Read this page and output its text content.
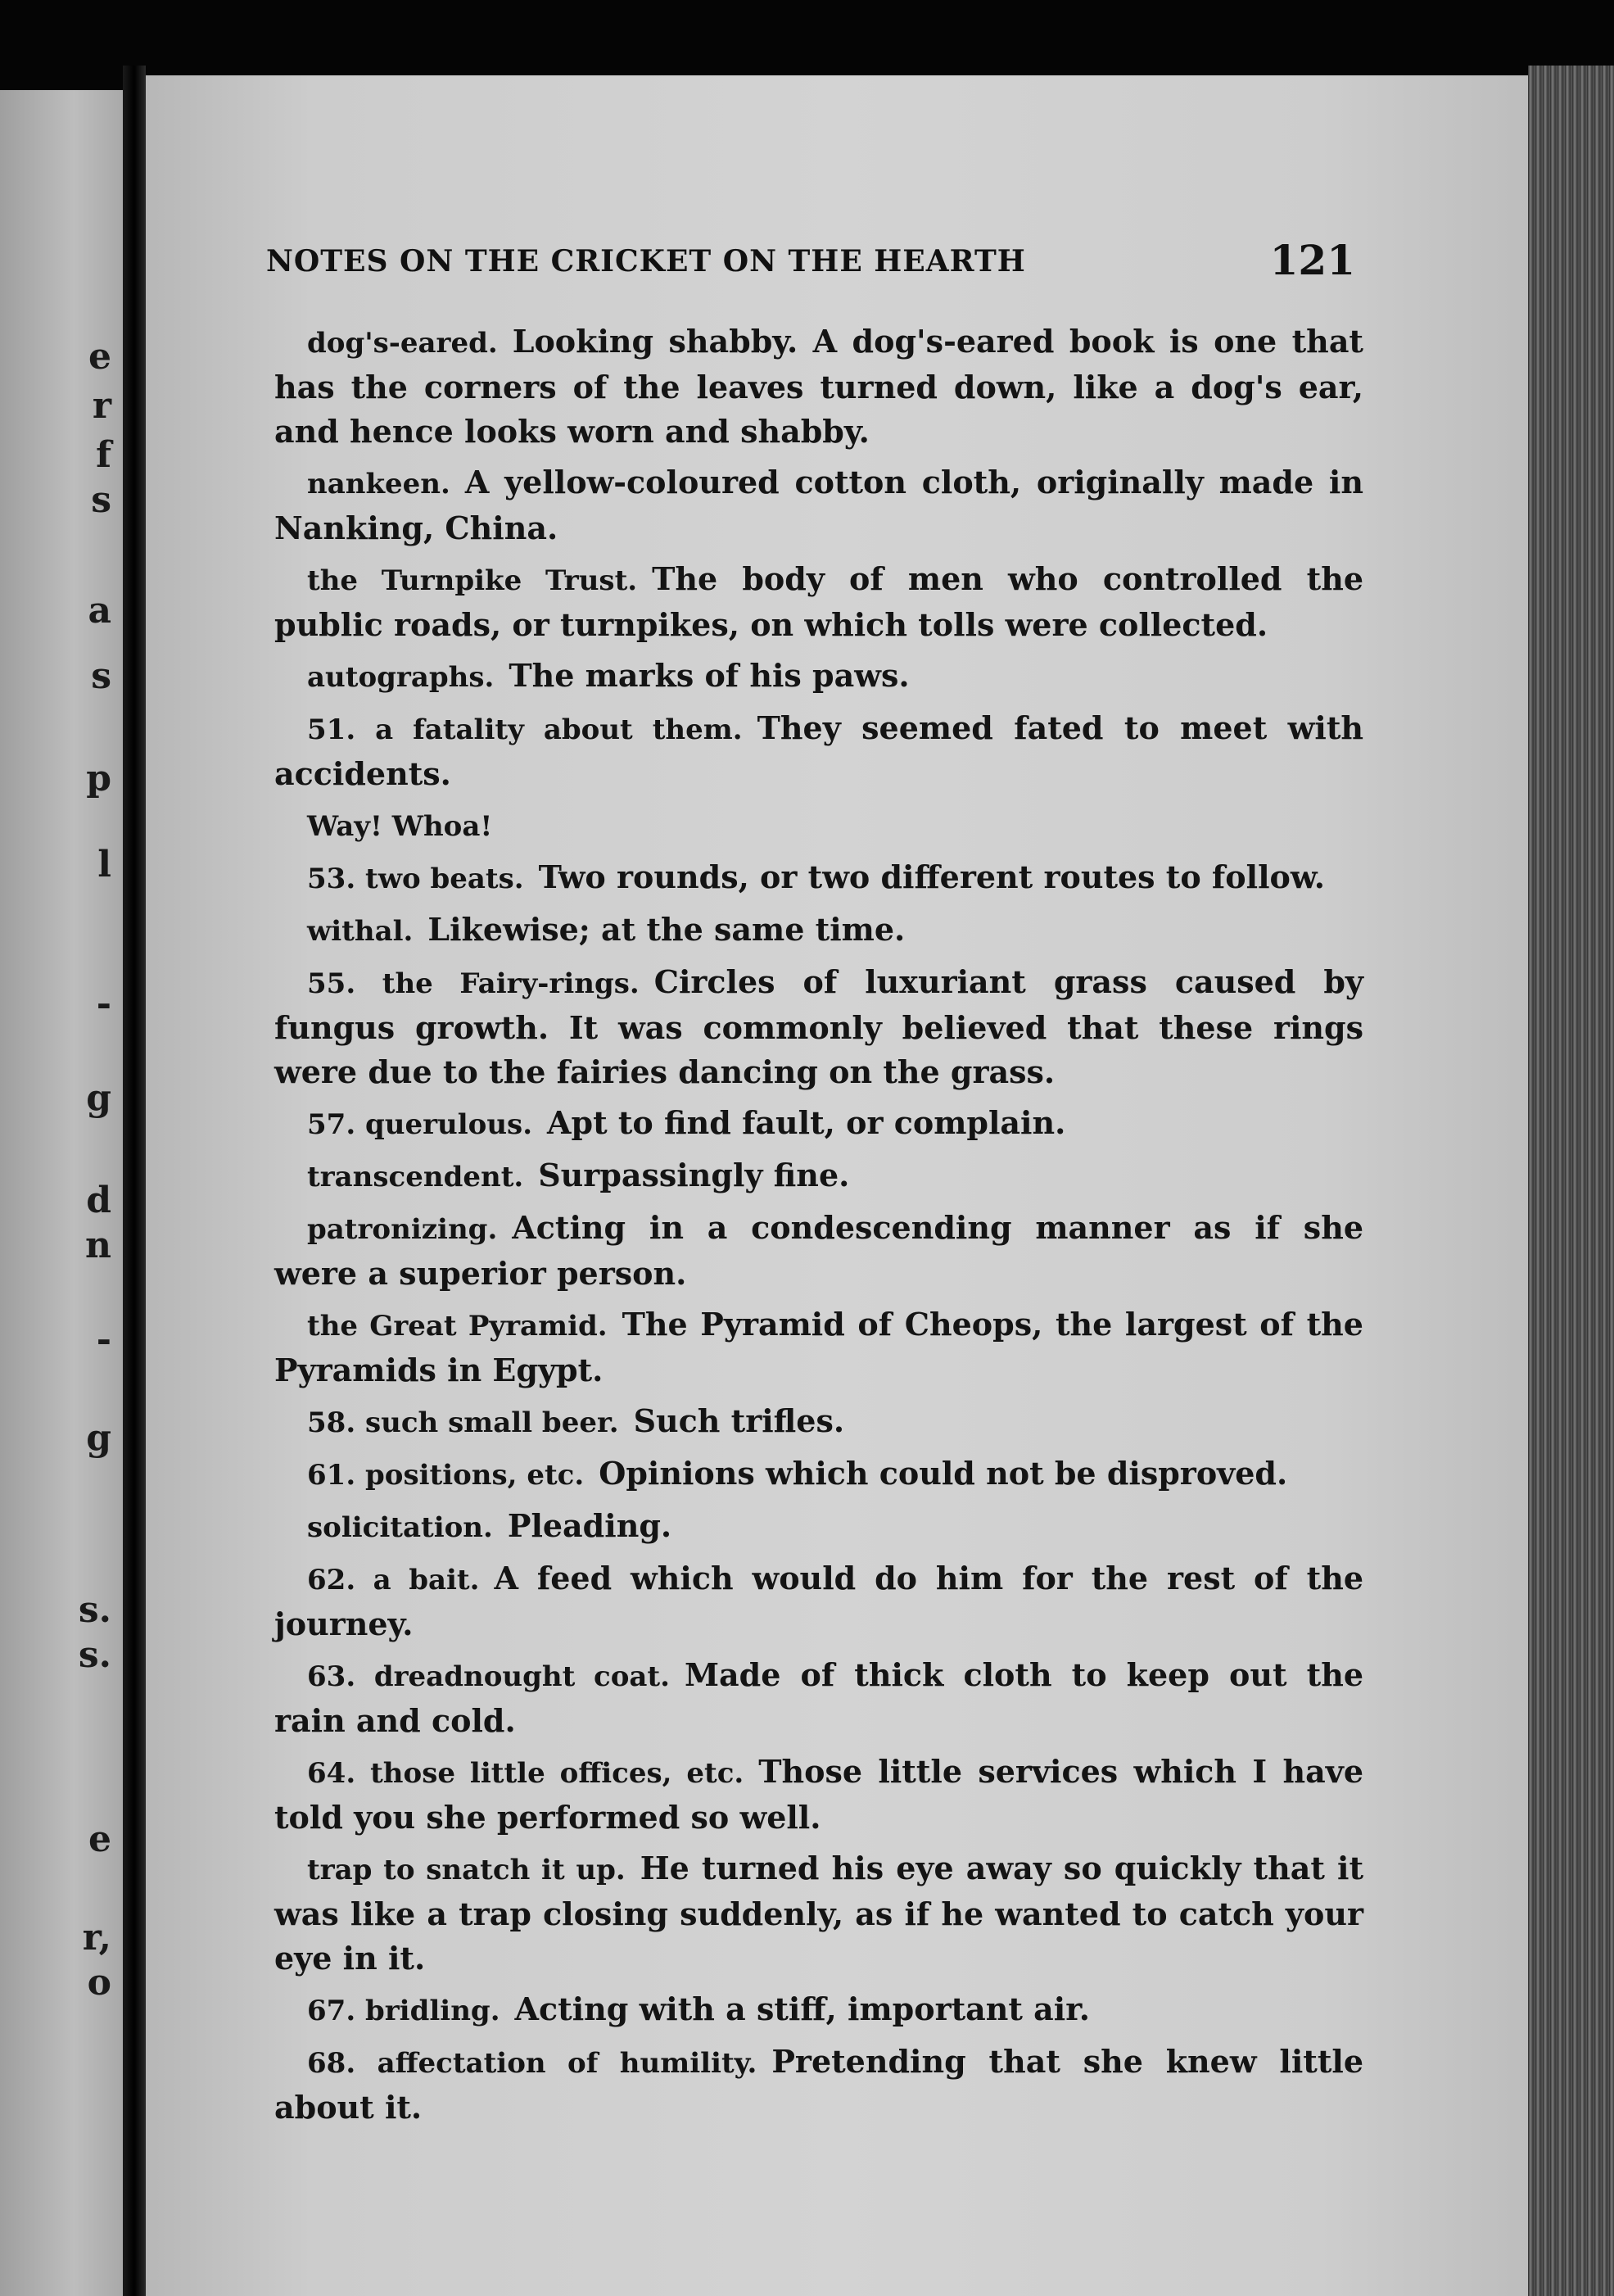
e
r
f
s
a
s
p
l
-
g
d
n
-
g
s.
s.
e
r,
o
NOTES ON THE CRICKET ON THE HEARTH	121

dog's-eared. Looking shabby. A dog's-eared book is one that has the corners of the leaves turned down, like a dog's ear, and hence looks worn and shabby.

nankeen. A yellow-coloured cotton cloth, originally made in Nanking, China.

the Turnpike Trust. The body of men who controlled the public roads, or turnpikes, on which tolls were collected.

autographs. The marks of his paws.

51. a fatality about them. They seemed fated to meet with accidents.

Way! Whoa!

53. two beats. Two rounds, or two different routes to follow.

withal. Likewise; at the same time.

55. the Fairy-rings. Circles of luxuriant grass caused by fungus growth. It was commonly believed that these rings were due to the fairies dancing on the grass.

57. querulous. Apt to find fault, or complain.

transcendent. Surpassingly fine.

patronizing. Acting in a condescending manner as if she were a superior person.

the Great Pyramid. The Pyramid of Cheops, the largest of the Pyramids in Egypt.

58. such small beer. Such trifles.

61. positions, etc. Opinions which could not be disproved.

solicitation. Pleading.

62. a bait. A feed which would do him for the rest of the journey.

63. dreadnought coat. Made of thick cloth to keep out the rain and cold.

64. those little offices, etc. Those little services which I have told you she performed so well.

trap to snatch it up. He turned his eye away so quickly that it was like a trap closing suddenly, as if he wanted to catch your eye in it.

67. bridling. Acting with a stiff, important air.

68. affectation of humility. Pretending that she knew little about it.
